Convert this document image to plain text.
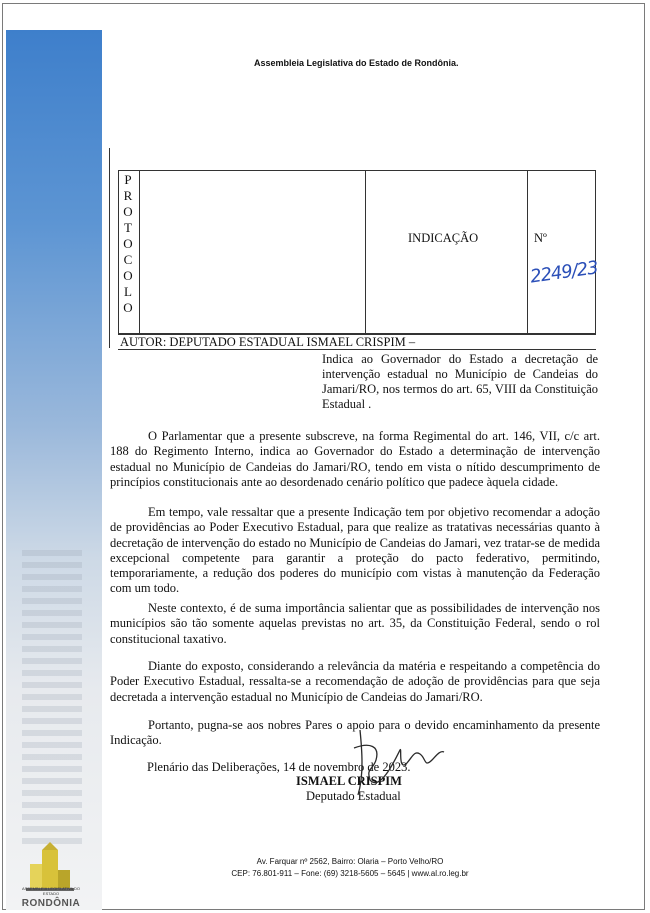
ASSEMBLEIA LEGISLATIVA DO ESTADO
RONDÔNIA
Assembleia Legislativa do Estado de Rondônia.
P
R
O
T
O
C
O
L
O
INDICAÇÃO	Nº
2249/23
AUTOR: DEPUTADO ESTADUAL ISMAEL CRISPIM –
Indica ao Governador do Estado a decretação de intervenção estadual no Município de Candeias do Jamari/RO, nos termos do art. 65, VIII da Constituição Estadual .
O Parlamentar que a presente subscreve, na forma Regimental do art. 146, VII, c/c art. 188 do Regimento Interno, indica ao Governador do Estado a determinação de intervenção estadual no Município de Candeias do Jamari/RO, tendo em vista o nítido descumprimento de princípios constitucionais ante ao desordenado cenário político que padece àquela cidade.
Em tempo, vale ressaltar que a presente Indicação tem por objetivo recomendar a adoção de providências ao Poder Executivo Estadual, para que realize as tratativas necessárias quanto à decretação de intervenção do estado no Município de Candeias do Jamari, vez tratar-se de medida excepcional competente para garantir a proteção do pacto federativo, permitindo, temporariamente, a redução dos poderes do município com vistas à manutenção da Federação com um todo.
Neste contexto, é de suma importância salientar que as possibilidades de intervenção nos municípios são tão somente aquelas previstas no art. 35, da Constituição Federal, sendo o rol constitucional taxativo.
Diante do exposto, considerando a relevância da matéria e respeitando a competência do Poder Executivo Estadual, ressalta-se a recomendação de adoção de providências para que seja decretada a intervenção estadual no Município de Candeias do Jamari/RO.
Portanto, pugna-se aos nobres Pares o apoio para o devido encaminhamento da presente Indicação.
Plenário das Deliberações, 14 de novembro de 2023.
ISMAEL CRISPIM
Deputado Estadual
Av. Farquar nº 2562, Bairro: Olaria – Porto Velho/RO
CEP: 76.801-911 – Fone: (69) 3218-5605 – 5645 | www.al.ro.leg.br
